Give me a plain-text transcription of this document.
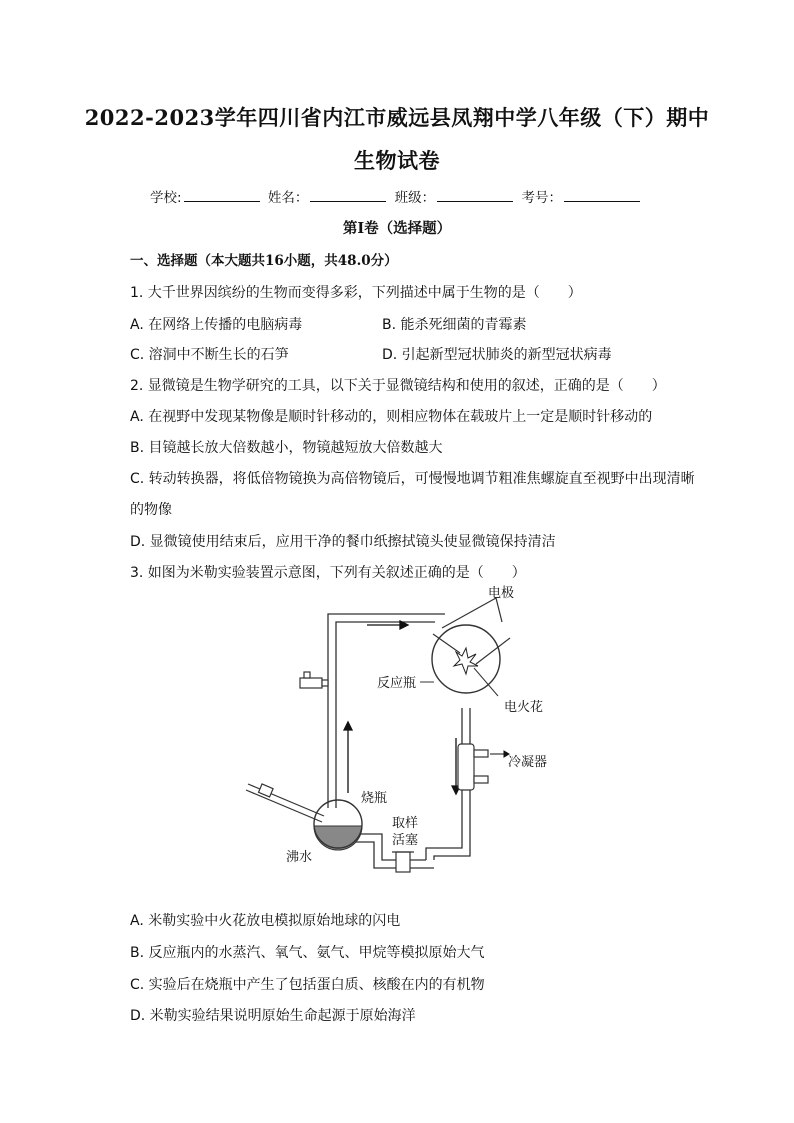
2022-2023学年四川省内江市威远县凤翔中学八年级（下）期中
生物试卷
学校:	姓名：	班级：	考号：
第Ⅰ卷（选择题）
一、选择题（本大题共16小题，共48.0分）
1. 大千世界因缤纷的生物而变得多彩，下列描述中属于生物的是（　　）
A. 在网络上传播的电脑病毒	B. 能杀死细菌的青霉素
C. 溶洞中不断生长的石笋	D. 引起新型冠状肺炎的新型冠状病毒
2. 显微镜是生物学研究的工具，以下关于显微镜结构和使用的叙述，正确的是（　　）
A. 在视野中发现某物像是顺时针移动的，则相应物体在载玻片上一定是顺时针移动的
B. 目镜越长放大倍数越小，物镜越短放大倍数越大
C. 转动转换器，将低倍物镜换为高倍物镜后，可慢慢地调节粗准焦螺旋直至视野中出现清晰
的物像
D. 显微镜使用结束后，应用干净的餐巾纸擦拭镜头使显微镜保持清洁
3. 如图为米勒实验装置示意图，下列有关叙述正确的是（　　）
电极
反应瓶
电火花
冷凝器
烧瓶
取样
活塞
沸水
A. 米勒实验中火花放电模拟原始地球的闪电
B. 反应瓶内的水蒸汽、氧气、氨气、甲烷等模拟原始大气
C. 实验后在烧瓶中产生了包括蛋白质、核酸在内的有机物
D. 米勒实验结果说明原始生命起源于原始海洋
